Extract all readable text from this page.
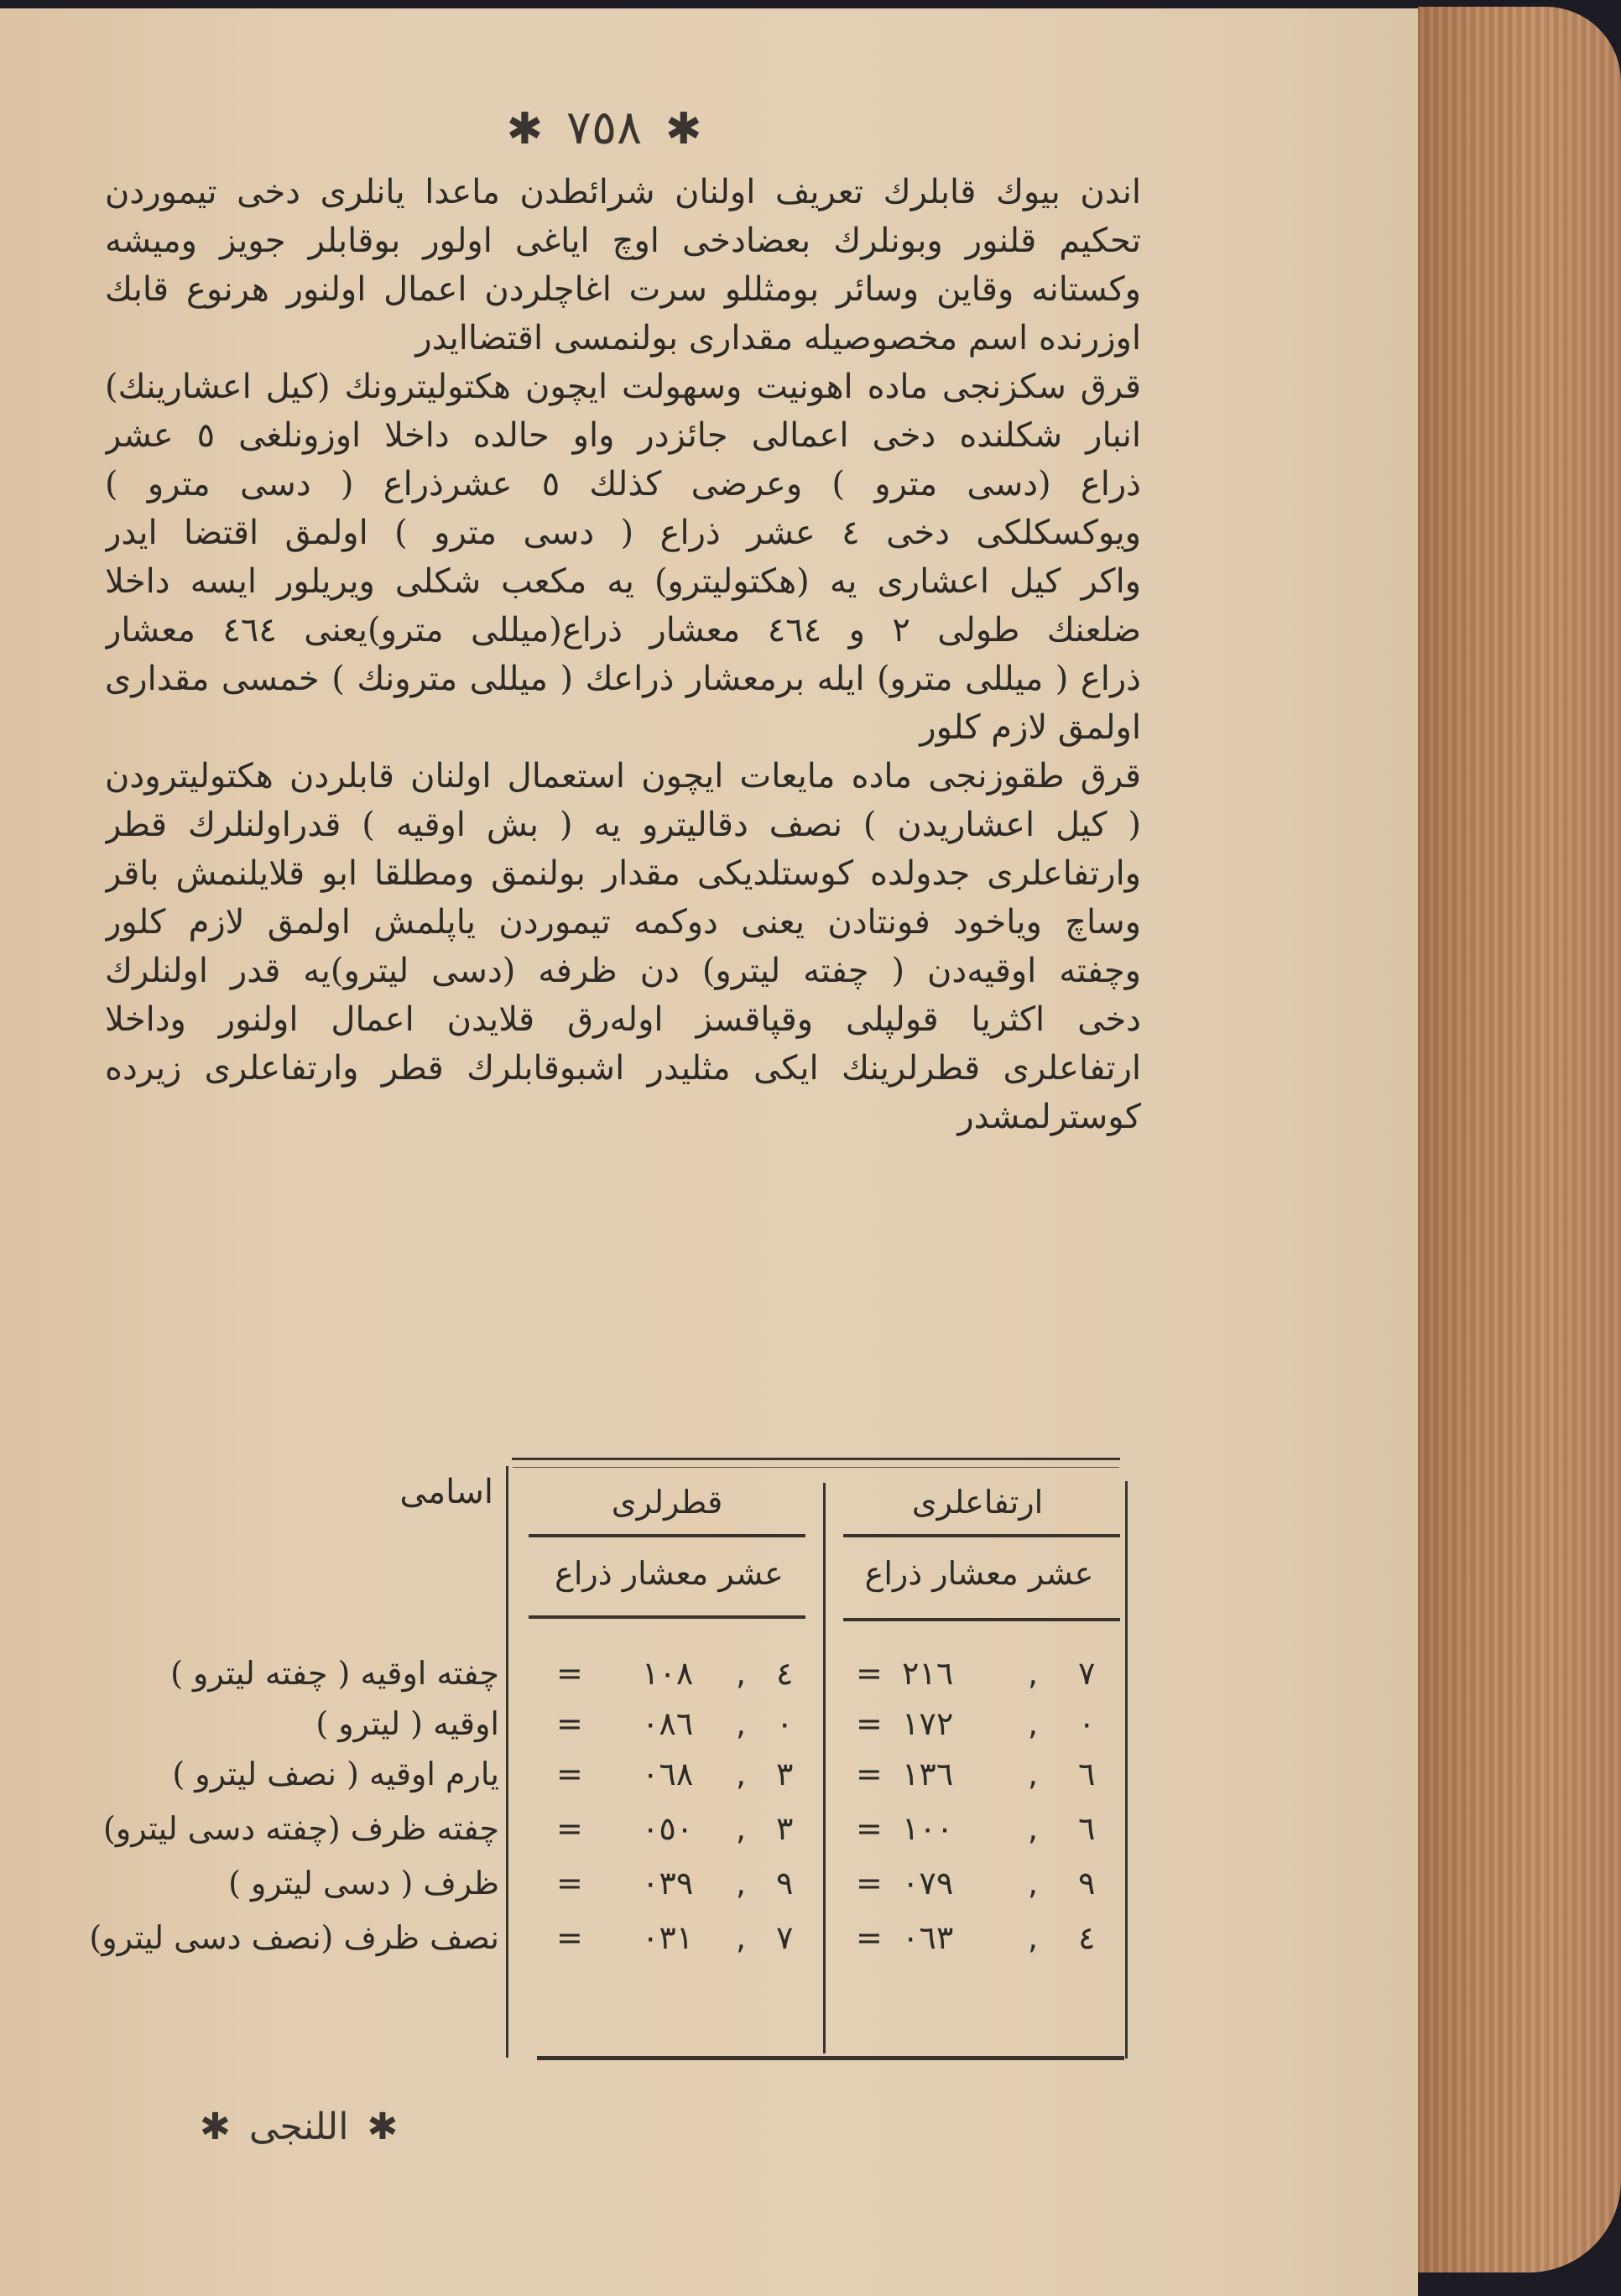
✱ ٧٥٨ ✱
اندن بیوك قابلرك تعریف اولنان شرائطدن ماعدا یانلری دخی تیموردن
تحکیم قلنور وبونلرك بعضادخی اوچ ایاغی اولور بوقابلر جویز ومیشه
وکستانه وقاین وسائر بومثللو سرت اغاچلردن اعمال اولنور هرنوع قابك
اوزرنده اسم مخصوصیله مقداری بولنمسی اقتضاایدر
قرق سکزنجی ماده اهونیت وسهولت ایچون هکتولیترونك (کیل اعشارینك)
انبار شکلنده دخی اعمالی جائزدر واو حالده داخلا اوزونلغی ٥ عشر
ذراع (دسی مترو ) وعرضی کذلك ٥ عشرذراع ( دسی مترو )
ویوکسکلکی دخی ٤ عشر ذراع ( دسی مترو ) اولمق اقتضا ایدر
واکر کیل اعشاری یه (هکتولیترو) یه مکعب شکلی ویریلور ایسه داخلا
ضلعنك طولی ٢ و ٤٦٤ معشار ذراع(میللی مترو)یعنی ٤٦٤ معشار
ذراع ( میللی مترو) ایله برمعشار ذراعك ( میللی مترونك ) خمسی مقداری
اولمق لازم کلور
قرق طقوزنجی ماده مایعات ایچون استعمال اولنان قابلردن هکتولیترودن
( کیل اعشاریدن ) نصف دقالیترو یه ( بش اوقیه ) قدراولنلرك قطر
وارتفاعلری جدولده کوستلدیکی مقدار بولنمق ومطلقا ابو قلایلنمش باقر
وساچ ویاخود فونتادن یعنی دوکمه تیموردن یاپلمش اولمق لازم کلور
وچفته اوقیه‌دن ( چفته لیترو) دن ظرفه (دسی لیترو)یه قدر اولنلرك
دخی اکثریا قولپلی وقپاقسز اوله‌رق قلایدن اعمال اولنور وداخلا
ارتفاعلری قطرلرینك ایکی مثلیدر اشبوقابلرك قطر وارتفاعلری زیرده
کوسترلمشدر
اسامی	قطرلری
عشر معشار ذراع
ارتفاعلری
عشر معشار ذراع
چفته اوقیه ( چفته لیترو ) = ١٠٨ , ٤ = ٢١٦ , ٧
اوقیه ( لیترو ) = ٠٨٦ , ٠ = ١٧٢ , ٠
یارم اوقیه ( نصف لیترو ) = ٠٦٨ , ٣ = ١٣٦ , ٦
چفته ظرف (چفته دسی لیترو) = ٠٥٠ , ٣ = ١٠٠ , ٦
ظرف ( دسی لیترو ) = ٠٣٩ , ٩ = ٠٧٩ , ٩
نصف ظرف (نصف دسی لیترو) = ٠٣١ , ٧ = ٠٦٣ , ٤
✱ اللنجی ✱
